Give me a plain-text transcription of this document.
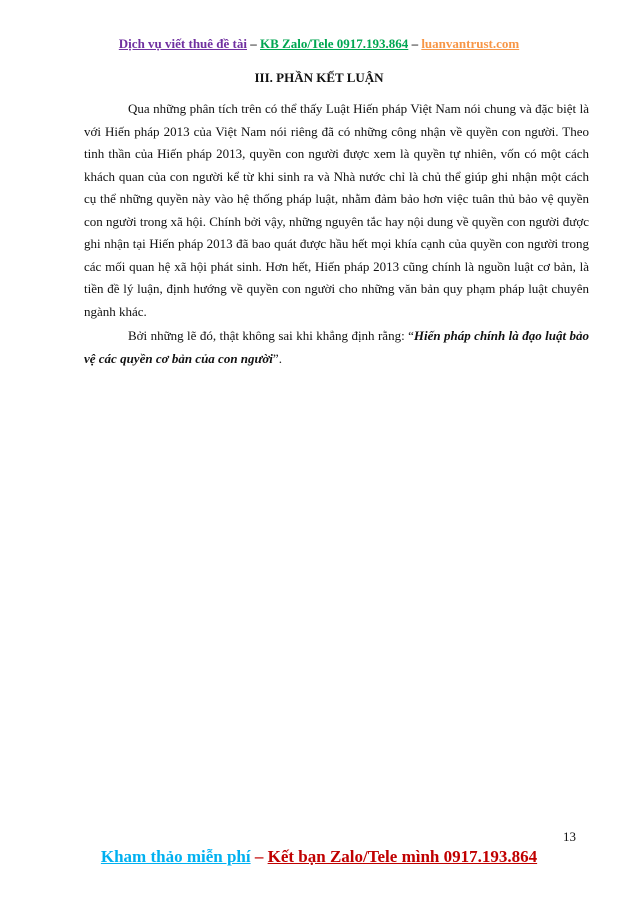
Dịch vụ viết thuê đề tài – KB Zalo/Tele 0917.193.864 – luanvantrust.com
III. PHẦN KẾT LUẬN

Qua những phân tích trên có thể thấy Luật Hiến pháp Việt Nam nói chung và đặc biệt là với Hiến pháp 2013 của Việt Nam nói riêng đã có những công nhận về quyền con người. Theo tinh thần của Hiến pháp 2013, quyền con người được xem là quyền tự nhiên, vốn có một cách khách quan của con người kể từ khi sinh ra và Nhà nước chỉ là chủ thể giúp ghi nhận một cách cụ thể những quyền này vào hệ thống pháp luật, nhằm đảm bảo hơn việc tuân thủ bảo vệ quyền con người trong xã hội. Chính bởi vậy, những nguyên tắc hay nội dung về quyền con người được ghi nhận tại Hiến pháp 2013 đã bao quát được hầu hết mọi khía cạnh của quyền con người trong các mối quan hệ xã hội phát sinh. Hơn hết, Hiến pháp 2013 cũng chính là nguồn luật cơ bản, là tiền đề lý luận, định hướng về quyền con người cho những văn bản quy phạm pháp luật chuyên ngành khác.

Bởi những lẽ đó, thật không sai khi khẳng định rằng: “Hiến pháp chính là đạo luật bảo vệ các quyền cơ bản của con người”.

13
Kham thảo miễn phí – Kết bạn Zalo/Tele mình 0917.193.864
